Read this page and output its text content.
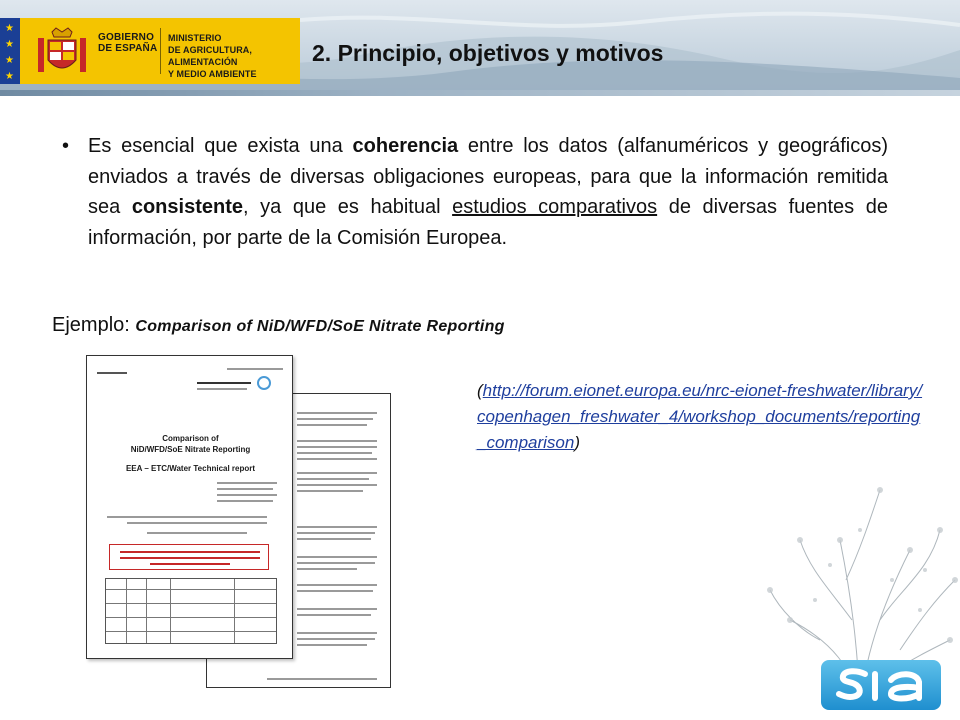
★
★
★
★
GOBIERNO
DE ESPAÑA
MINISTERIO
DE AGRICULTURA, ALIMENTACIÓN
Y MEDIO AMBIENTE
2. Principio, objetivos y motivos
• Es esencial que exista una coherencia entre los datos (alfanuméricos y geográficos) enviados a través de diversas obligaciones europeas, para que la información remitida sea consistente, ya que es habitual estudios comparativos de diversas fuentes de información, por parte de la Comisión Europea.
Ejemplo: Comparison of NiD/WFD/SoE Nitrate Reporting
(http://forum.eionet.europa.eu/nrc-eionet-freshwater/library/copenhagen_freshwater_4/workshop_documents/reporting_comparison)
Comparison of
NiD/WFD/SoE Nitrate Reporting
EEA – ETC/Water Technical report
